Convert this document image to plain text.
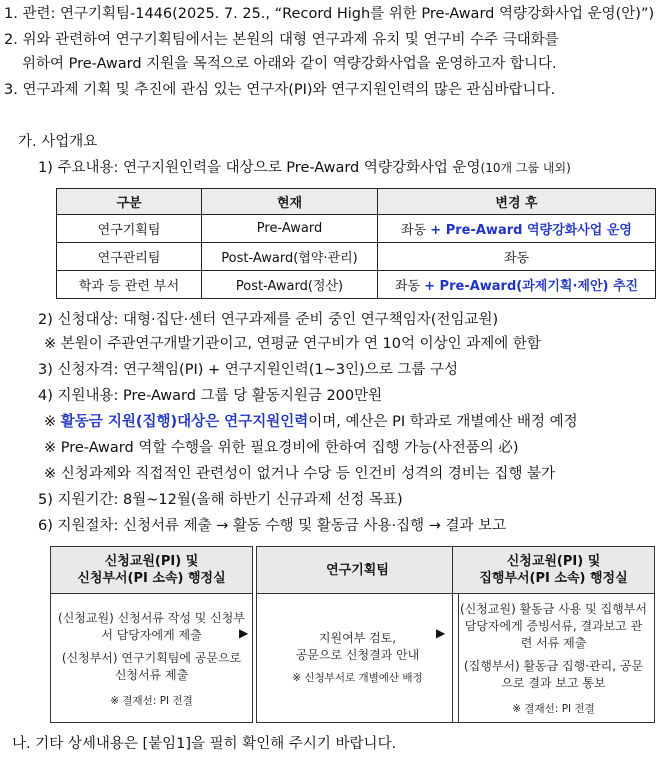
1. 관련: 연구기획팀-1446(2025. 7. 25., “Record High를 위한 Pre-Award 역량강화사업 운영(안)”)
2. 위와 관련하여 연구기획팀에서는 본원의 대형 연구과제 유치 및 연구비 수주 극대화를
위하여 Pre-Award 지원을 목적으로 아래와 같이 역량강화사업을 운영하고자 합니다.
3. 연구과제 기획 및 추진에 관심 있는 연구자(PI)와 연구지원인력의 많은 관심바랍니다.
가. 사업개요
1) 주요내용: 연구지원인력을 대상으로 Pre-Award 역량강화사업 운영(10개 그룹 내외)
구분	현재	변경 후
연구기획팀	Pre-Award	좌동 + Pre-Award 역량강화사업 운영
연구관리팀	Post-Award(협약·관리)	좌동
학과 등 관련 부서	Post-Award(정산)	좌동 + Pre-Award(과제기획·제안) 추진
2) 신청대상: 대형·집단·센터 연구과제를 준비 중인 연구책임자(전임교원)
※ 본원이 주관연구개발기관이고, 연평균 연구비가 연 10억 이상인 과제에 한함
3) 신청자격: 연구책임(PI) + 연구지원인력(1~3인)으로 그룹 구성
4) 지원내용: Pre-Award 그룹 당 활동지원금 200만원
※ 활동금 지원(집행)대상은 연구지원인력이며, 예산은 PI 학과로 개별예산 배정 예정
※ Pre-Award 역할 수행을 위한 필요경비에 한하여 집행 가능(사전품의 必)
※ 신청과제와 직접적인 관련성이 없거나 수당 등 인건비 성격의 경비는 집행 불가
5) 지원기간: 8월~12월(올해 하반기 신규과제 선정 목표)
6) 지원절차: 신청서류 제출 → 활동 수행 및 활동금 사용·집행 → 결과 보고
신청교원(PI) 및
신청부서(PI 소속) 행정실

(신청교원) 신청서류 작성 및 신청부서 담당자에게 제출

(신청부서) 연구기획팀에 공문으로 신청서류 제출

※ 결재선: PI 전결
▶
연구기획팀
지원여부 검토,
공문으로 신청결과 안내
※ 신청부서로 개별예산 배정
▶
신청교원(PI) 및
집행부서(PI 소속) 행정실

(신청교원) 활동금 사용 및 집행부서 담당자에게 증빙서류, 결과보고 관련 서류 제출

(집행부서) 활동금 집행·관리, 공문으로 결과 보고 통보

※ 결재선: PI 전결
나. 기타 상세내용은 [붙임1]을 필히 확인해 주시기 바랍니다.
